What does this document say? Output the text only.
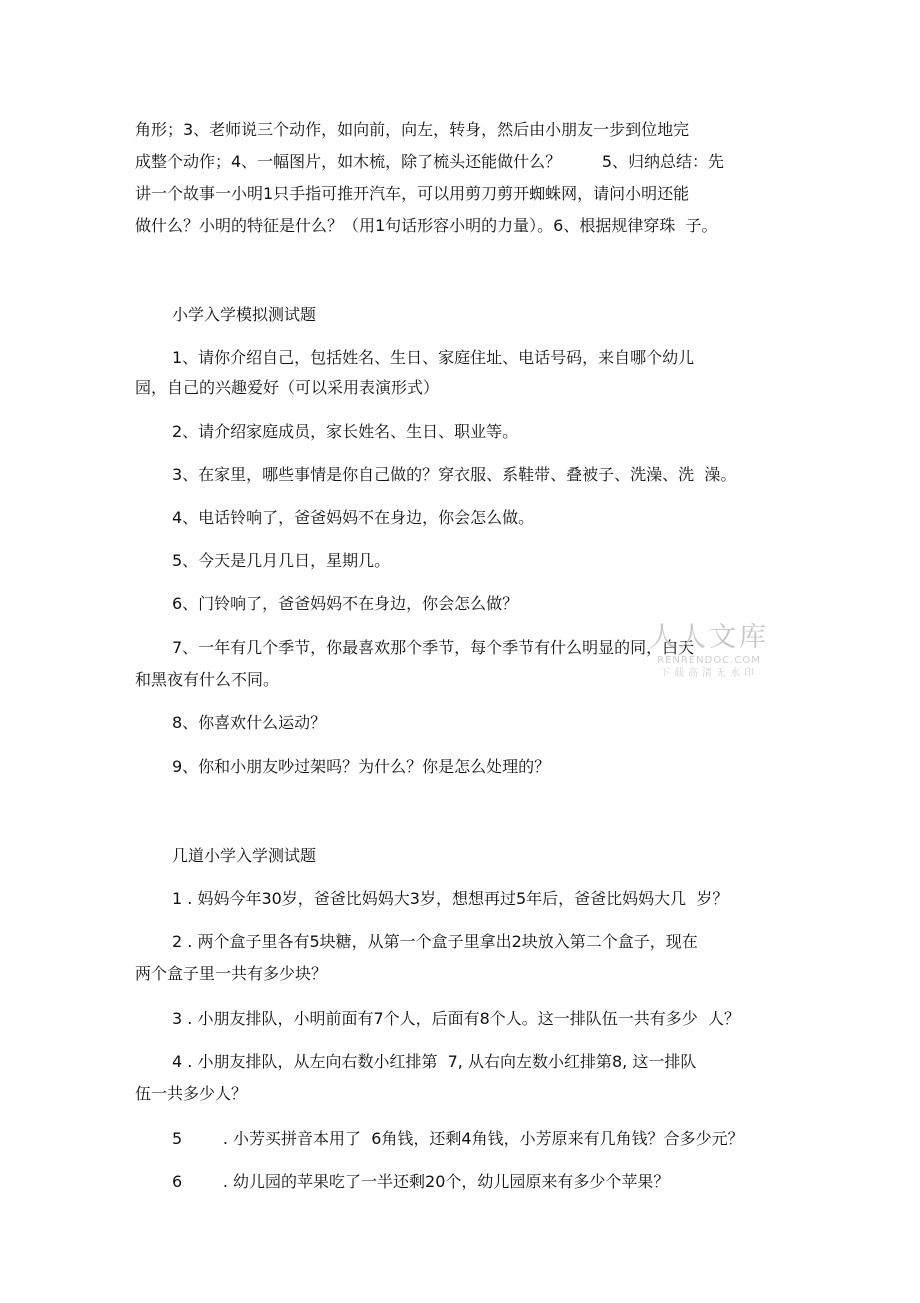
角形；3、老师说三个动作，如向前，向左，转身，然后由小朋友一步到位地完
成整个动作；4、一幅图片，如木梳，除了梳头还能做什么？        5、归纳总结：先
讲一个故事一小明1只手指可推开汽车，可以用剪刀剪开蜘蛛网，请问小明还能
做什么？小明的特征是什么？（用1句话形容小明的力量）。6、根据规律穿珠  子。
小学入学模拟测试题
1、请你介绍自己，包括姓名、生日、家庭住址、电话号码，来自哪个幼儿
园，自己的兴趣爱好（可以采用表演形式）
2、请介绍家庭成员，家长姓名、生日、职业等。
3、在家里，哪些事情是你自己做的？穿衣服、系鞋带、叠被子、洗澡、洗  澡。
4、电话铃响了，爸爸妈妈不在身边，你会怎么做。
5、今天是几月几日，星期几。
6、门铃响了，爸爸妈妈不在身边，你会怎么做？
7、一年有几个季节，你最喜欢那个季节，每个季节有什么明显的同，白天
和黑夜有什么不同。
8、你喜欢什么运动？
9、你和小朋友吵过架吗？为什么？你是怎么处理的？
几道小学入学测试题
1 . 妈妈今年30岁，爸爸比妈妈大3岁，想想再过5年后，爸爸比妈妈大几  岁？
2 . 两个盒子里各有5块糖，从第一个盒子里拿出2块放入第二个盒子，现在
两个盒子里一共有多少块？
3 . 小朋友排队，小明前面有7个人，后面有8个人。这一排队伍一共有多少  人？
4 . 小朋友排队，从左向右数小红排第  7, 从右向左数小红排第8, 这一排队
伍一共多少人？
5        . 小芳买拼音本用了  6角钱，还剩4角钱，小芳原来有几角钱？合多少元？
6        . 幼儿园的苹果吃了一半还剩20个，幼儿园原来有多少个苹果？
人人文库
RENRENDOC.COM
下载高清无水印
